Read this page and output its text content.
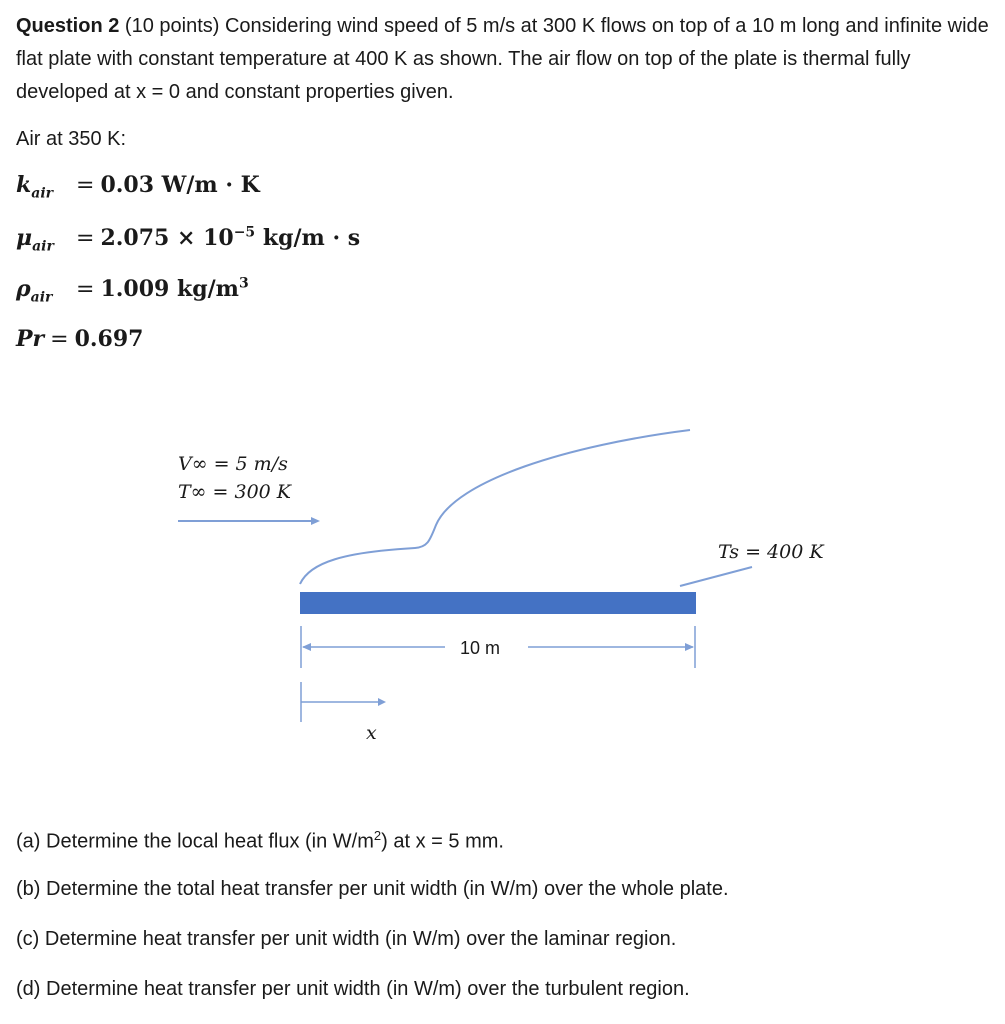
Question 2 (10 points) Considering wind speed of 5 m/s at 300 K flows on top of a 10 m long and infinite wide flat plate with constant temperature at 400 K as shown. The air flow on top of the plate is thermal fully developed at x = 0 and constant properties given.

Air at 350 K:

$k_{air} = 0.03$ W/m · K

$\mu_{air} = 2.075 \times 10^{-5}$ kg/m · s

$\rho_{air} = 1.009$ $kg/m^3$

Pr = 0.697

V∞ = 5 m/s
T∞ = 300 K
Ts = 400 K
10 m
x

(a) Determine the local heat flux (in $W/m^2$) at x = 5 mm.

(b) Determine the total heat transfer per unit width (in W/m) over the whole plate.

(c) Determine heat transfer per unit width (in W/m) over the laminar region.

(d) Determine heat transfer per unit width (in W/m) over the turbulent region.
